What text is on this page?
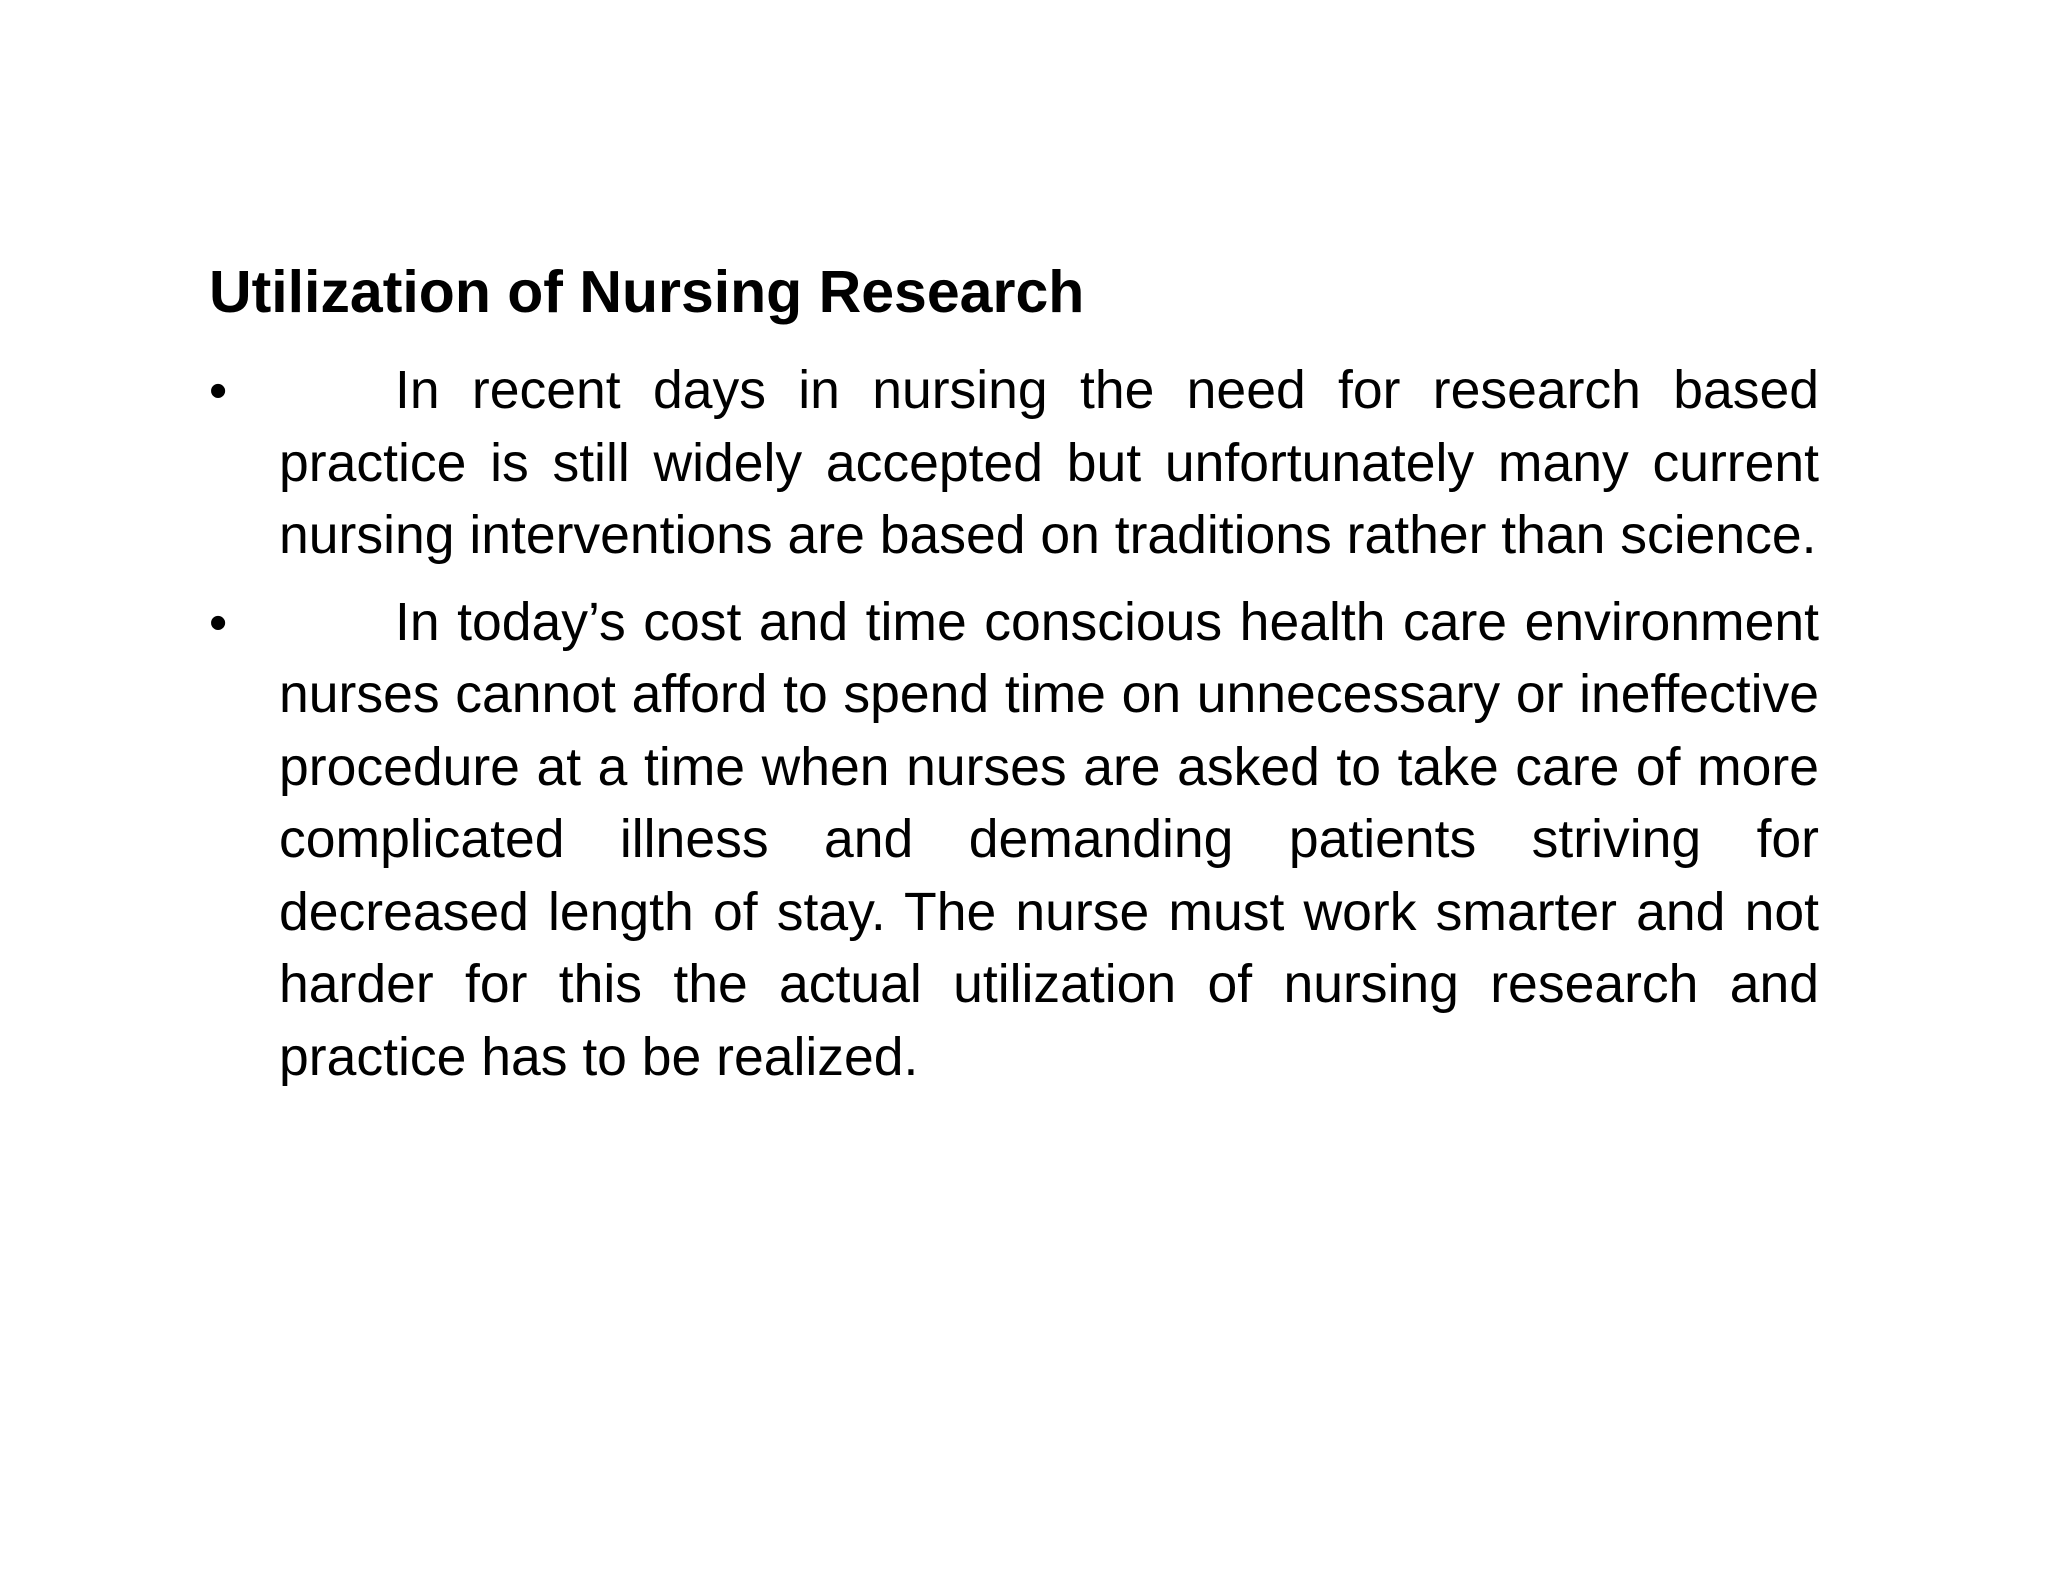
Utilization of Nursing Research
•	In recent days in nursing the need for research based practice is still widely accepted but unfortunately many current nursing interventions are based on traditions rather than science.
•	In today’s cost and time conscious health care environment nurses cannot afford to spend time on unnecessary or ineffective procedure at a time when nurses are asked to take care of more complicated illness and demanding patients striving for decreased length of stay. The nurse must work smarter and not harder for this the actual utilization of nursing research and practice has to be realized.
